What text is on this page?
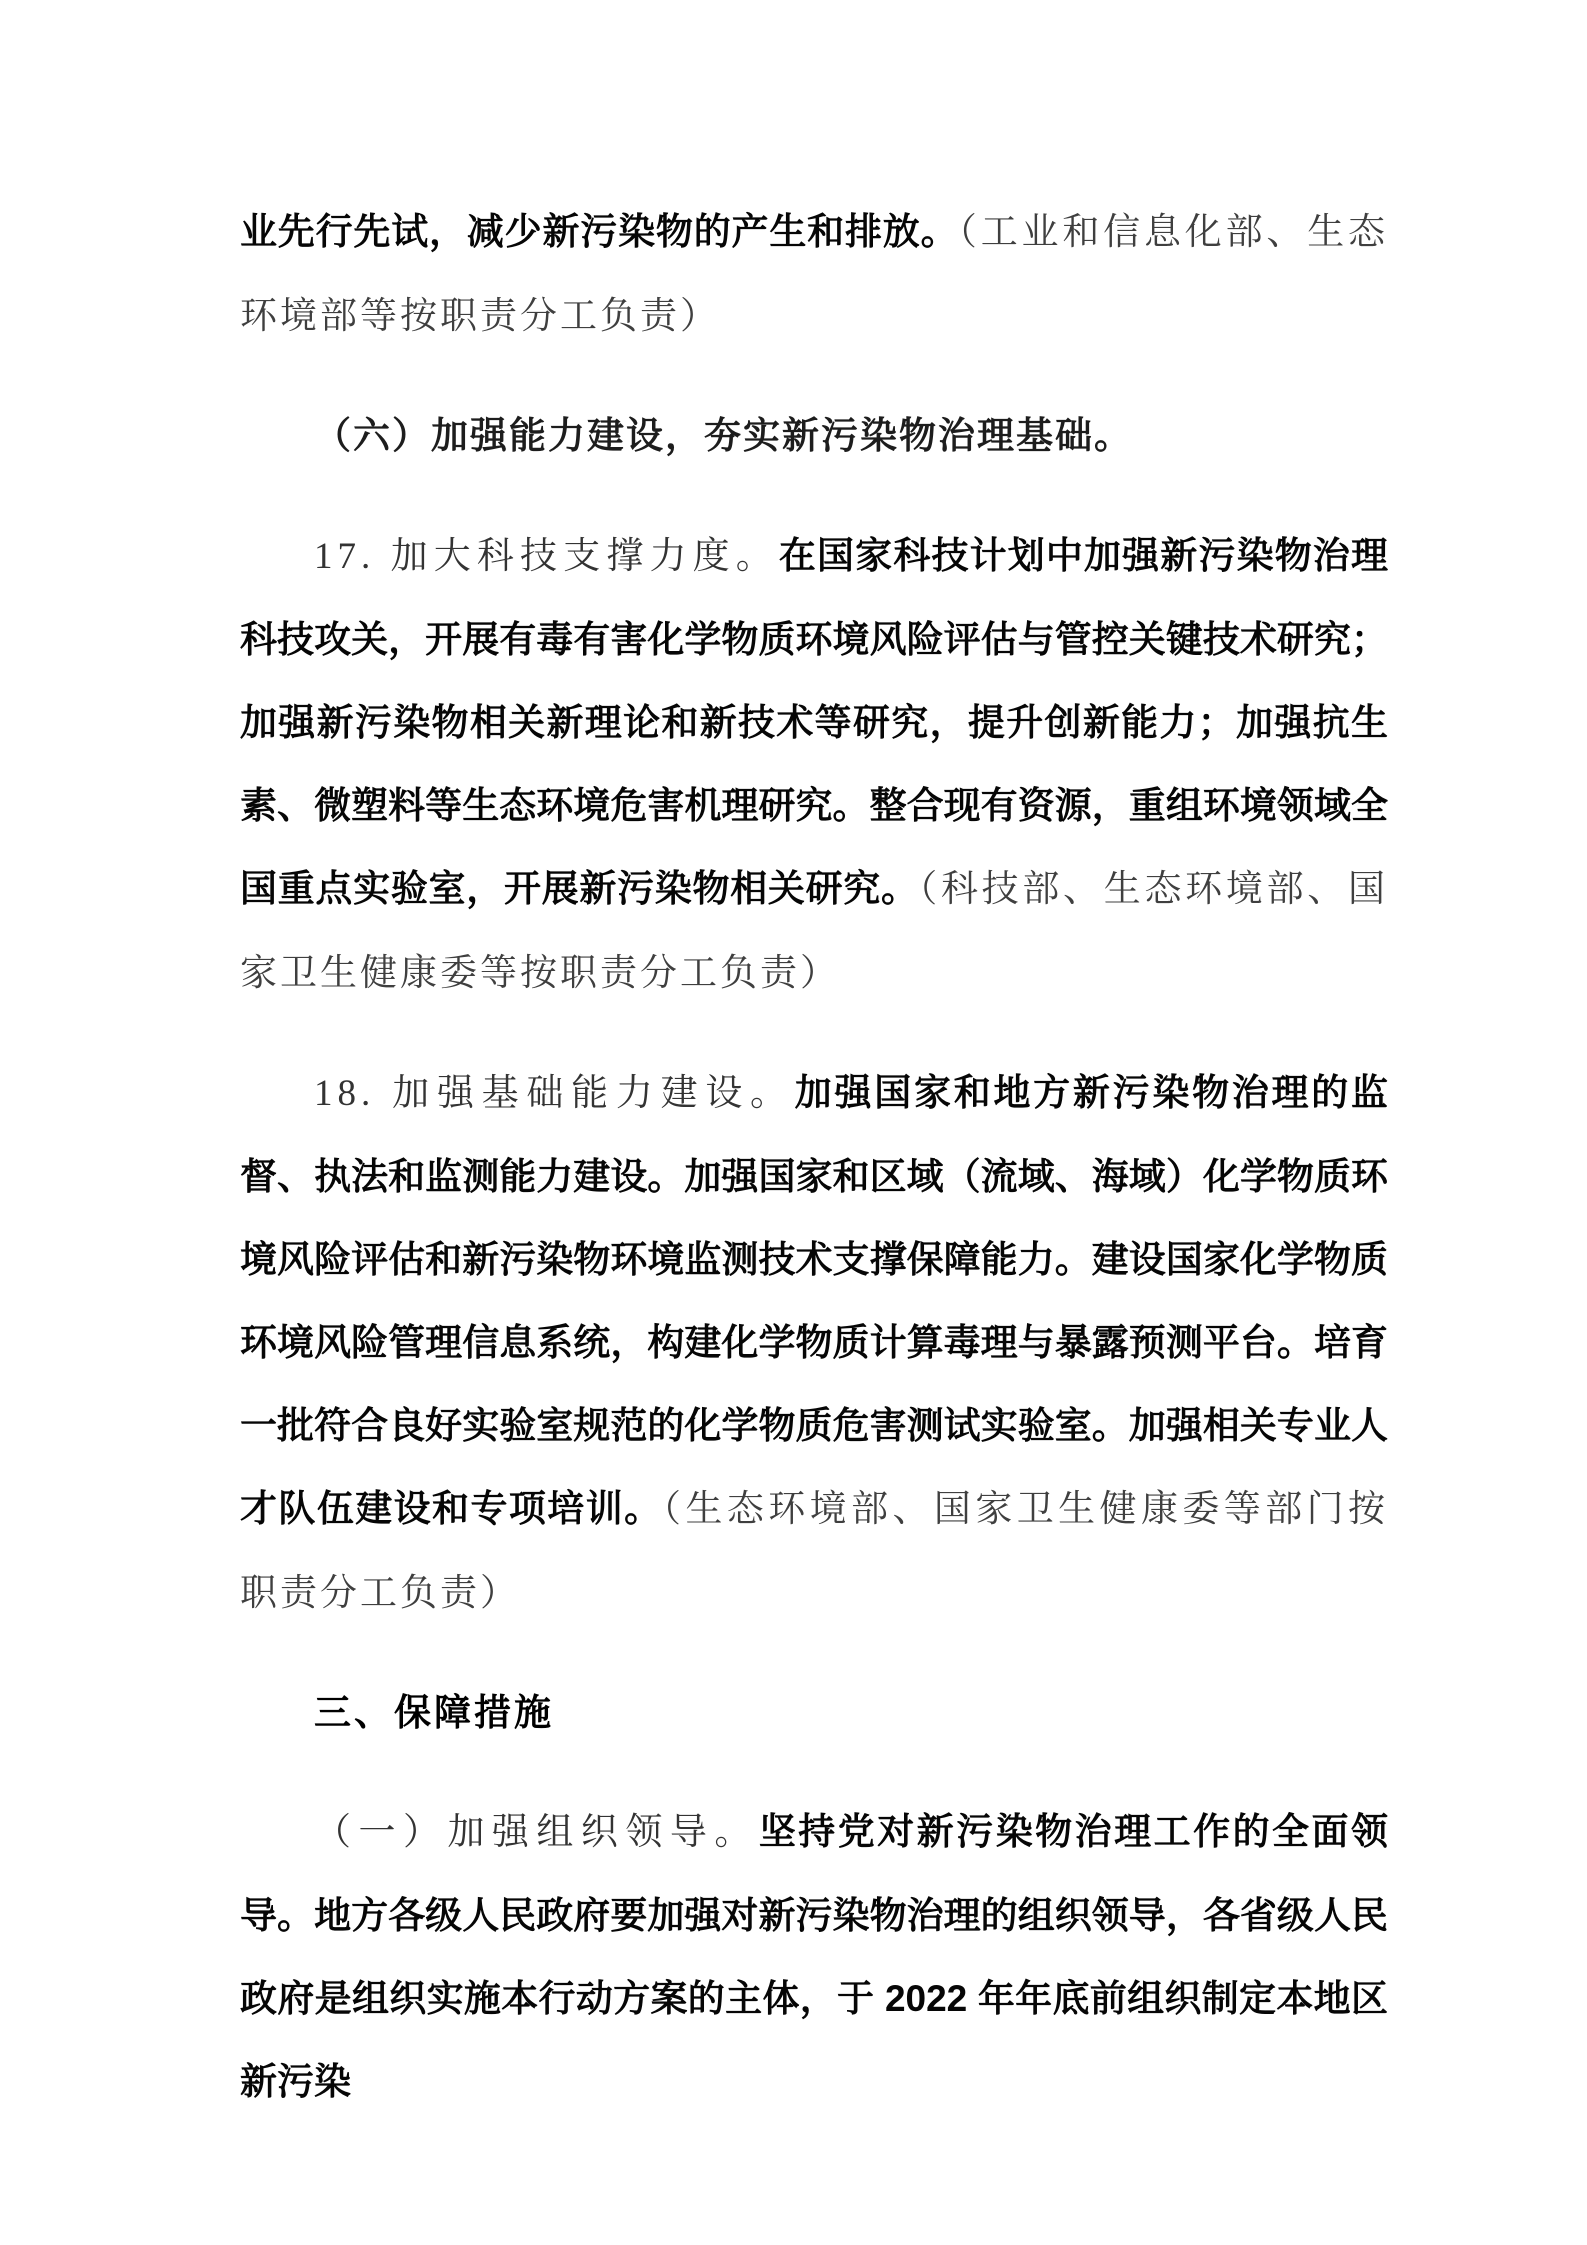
业先行先试，减少新污染物的产生和排放。（工业和信息化部、生态环境部等按职责分工负责）

（六）加强能力建设，夯实新污染物治理基础。

17. 加大科技支撑力度。在国家科技计划中加强新污染物治理科技攻关，开展有毒有害化学物质环境风险评估与管控关键技术研究；加强新污染物相关新理论和新技术等研究，提升创新能力；加强抗生素、微塑料等生态环境危害机理研究。整合现有资源，重组环境领域全国重点实验室，开展新污染物相关研究。（科技部、生态环境部、国家卫生健康委等按职责分工负责）

18. 加强基础能力建设。加强国家和地方新污染物治理的监督、执法和监测能力建设。加强国家和区域（流域、海域）化学物质环境风险评估和新污染物环境监测技术支撑保障能力。建设国家化学物质环境风险管理信息系统，构建化学物质计算毒理与暴露预测平台。培育一批符合良好实验室规范的化学物质危害测试实验室。加强相关专业人才队伍建设和专项培训。（生态环境部、国家卫生健康委等部门按职责分工负责）

三、保障措施

（一）加强组织领导。坚持党对新污染物治理工作的全面领导。地方各级人民政府要加强对新污染物治理的组织领导，各省级人民政府是组织实施本行动方案的主体，于 2022 年年底前组织制定本地区新污染
